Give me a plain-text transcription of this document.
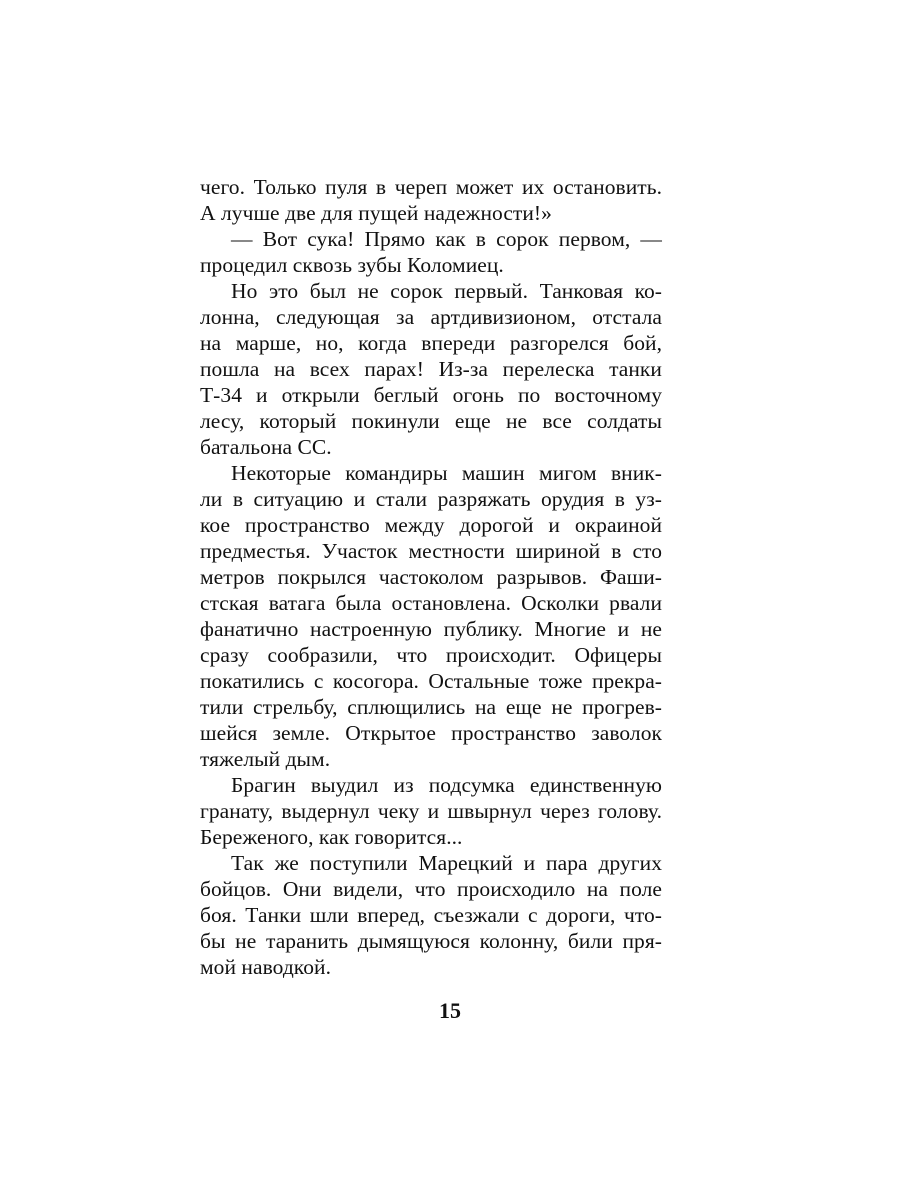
чего. Только пуля в череп может их остановить.
А лучше две для пущей надежности!»
— Вот сука! Прямо как в сорок первом, —
процедил сквозь зубы Коломиец.
Но это был не сорок первый. Танковая ко-
лонна, следующая за артдивизионом, отстала
на марше, но, когда впереди разгорелся бой,
пошла на всех парах! Из-за перелеска танки
Т-34 и открыли беглый огонь по восточному
лесу, который покинули еще не все солдаты
батальона СС.
Некоторые командиры машин мигом вник-
ли в ситуацию и стали разряжать орудия в уз-
кое пространство между дорогой и окраиной
предместья. Участок местности шириной в сто
метров покрылся частоколом разрывов. Фаши-
стская ватага была остановлена. Осколки рвали
фанатично настроенную публику. Многие и не
сразу сообразили, что происходит. Офицеры
покатились с косогора. Остальные тоже прекра-
тили стрельбу, сплющились на еще не прогрев-
шейся земле. Открытое пространство заволок
тяжелый дым.
Брагин выудил из подсумка единственную
гранату, выдернул чеку и швырнул через голову.
Береженого, как говорится...
Так же поступили Марецкий и пара других
бойцов. Они видели, что происходило на поле
боя. Танки шли вперед, съезжали с дороги, что-
бы не таранить дымящуюся колонну, били пря-
мой наводкой.
15
